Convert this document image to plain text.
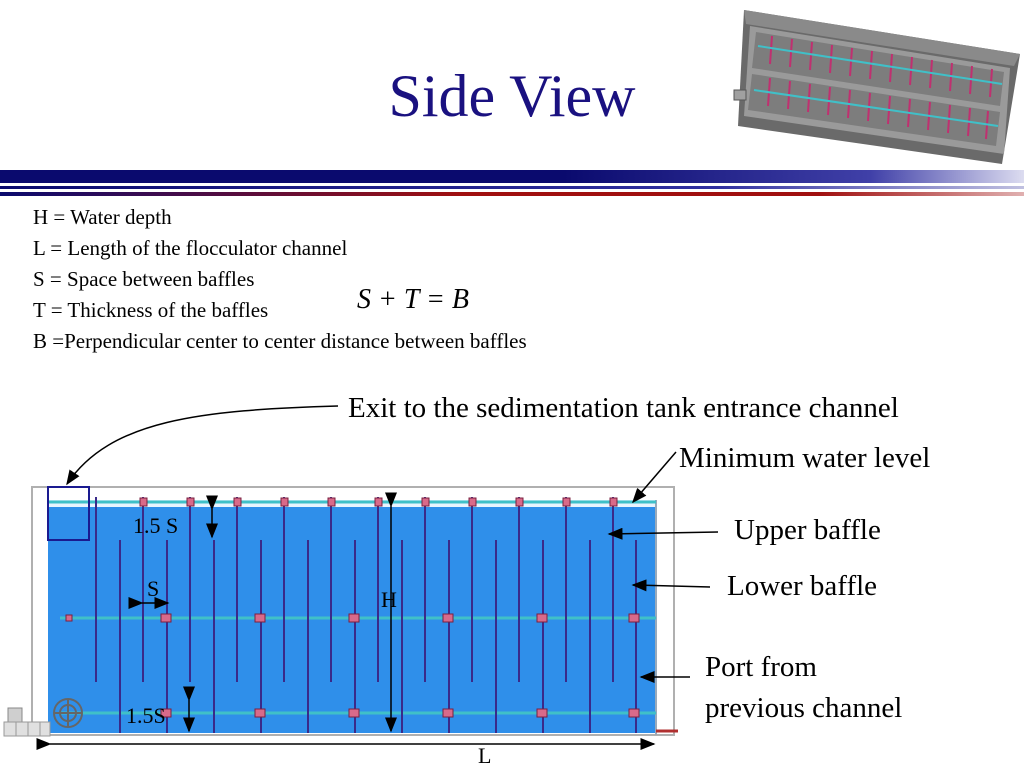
Side View
H = Water depth
L = Length of the flocculator channel
S = Space between baffles
T = Thickness of the baffles
B =Perpendicular center to center distance between baffles
S + T = B
1.5 S
S	H
1.5S
L
Exit to the sedimentation tank entrance channel
Minimum water level
Upper baffle
Lower baffle
Port from
previous channel
